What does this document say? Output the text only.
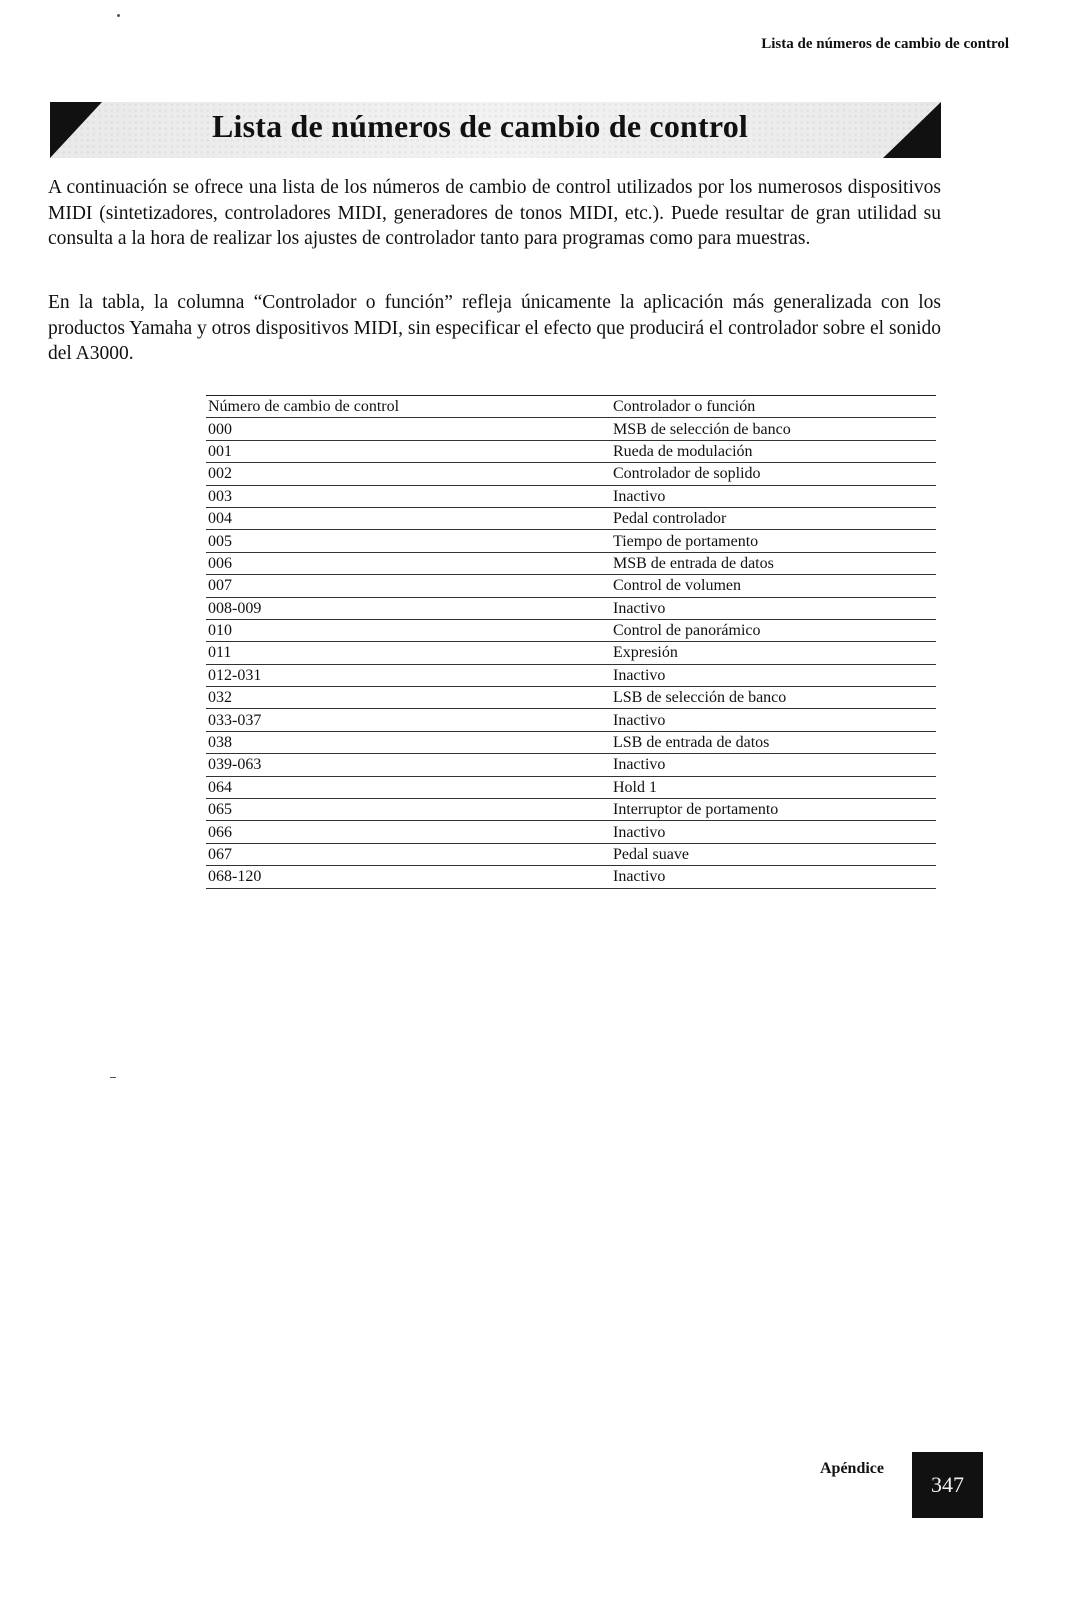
Lista de números de cambio de control
Lista de números de cambio de control

A continuación se ofrece una lista de los números de cambio de control utilizados por los numerosos dispositivos MIDI (sintetizadores, controladores MIDI, generadores de tonos MIDI, etc.). Puede resultar de gran utilidad su consulta a la hora de realizar los ajustes de controlador tanto para programas como para muestras.

En la tabla, la columna “Controlador o función” refleja únicamente la aplicación más generalizada con los productos Yamaha y otros dispositivos MIDI, sin especificar el efecto que producirá el controlador sobre el sonido del A3000.

Número de cambio de control	Controlador o función
000	MSB de selección de banco
001	Rueda de modulación
002	Controlador de soplido
003	Inactivo
004	Pedal controlador
005	Tiempo de portamento
006	MSB de entrada de datos
007	Control de volumen
008-009	Inactivo
010	Control de panorámico
011	Expresión
012-031	Inactivo
032	LSB de selección de banco
033-037	Inactivo
038	LSB de entrada de datos
039-063	Inactivo
064	Hold 1
065	Interruptor de portamento
066	Inactivo
067	Pedal suave
068-120	Inactivo
Apéndice
347
